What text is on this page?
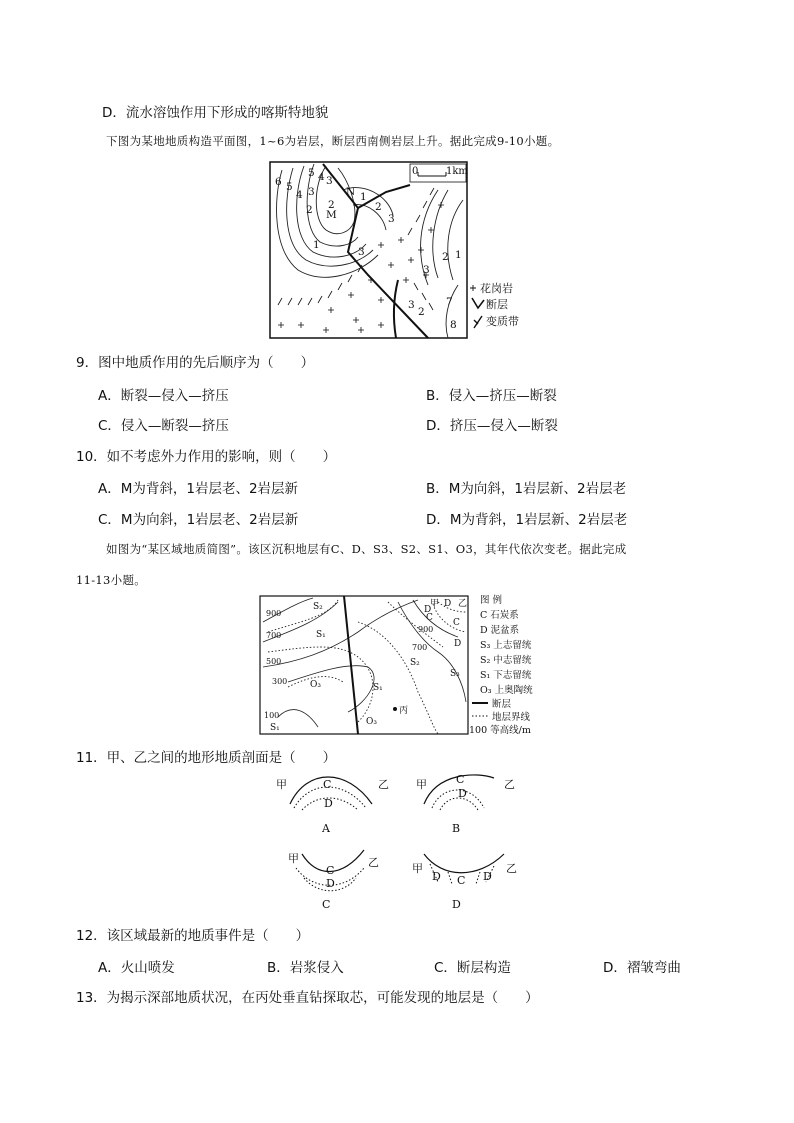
D．流水溶蚀作用下形成的喀斯特地貌
下图为某地地质构造平面图，1~6为岩层，断层西南侧岩层上升。据此完成9-10小题。
0	1km
6 5
4 3
2
1
5 4 3
2
1
M
N
3
2
3
3
2 1
3
2
7
8
花岗岩
断层
变质带
9．图中地质作用的先后顺序为（　　）
A．断裂—侵入—挤压	B．侵入—挤压—断裂
C．侵入—断裂—挤压	D．挤压—侵入—断裂
10．如不考虑外力作用的影响，则（　　）
A．M为背斜，1岩层老、2岩层新	B．M为向斜，1岩层新、2岩层老
C．M为向斜，1岩层老、2岩层新	D．M为背斜，1岩层新、2岩层老
如图为“某区域地质简图”。该区沉积地层有C、D、S3、S2、S1、O3，其年代依次变老。据此完成
11-13小题。
900
700
500
300
100
900
700
S₂
S₁
O₃	S₁
O₃
S₂
S₃
S₁
D
C
D
C
D
丙
甲 乙 图 例
C 石炭系
D 泥盆系
S₃ 上志留统
S₂ 中志留统
S₁ 下志留统
O₃ 上奥陶统
断层
地层界线
100 等高线/m
11．甲、乙之间的地形地质剖面是（　　）
甲	乙
C
D
A
甲	乙
C
D
B
甲	乙
C
D
C
甲	乙
D C D
D
12．该区域最新的地质事件是（　　）
A．火山喷发	B．岩浆侵入	C．断层构造	D．褶皱弯曲
13．为揭示深部地质状况，在丙处垂直钻探取芯，可能发现的地层是（　　）
